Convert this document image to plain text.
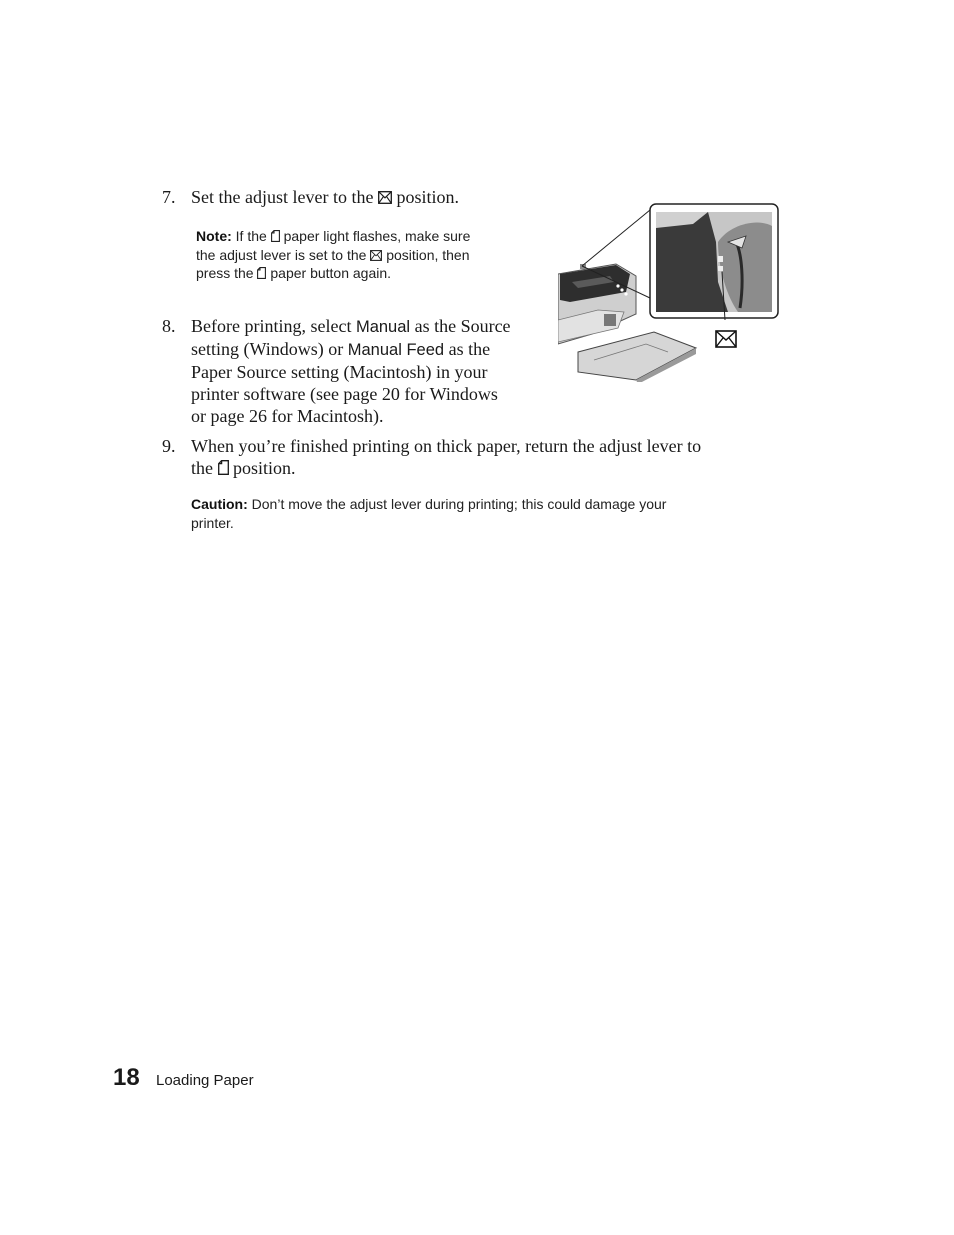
7. Set the adjust lever to the position.
Note: If the paper light flashes, make sure
the adjust lever is set to the position, then
press the paper button again.
8. Before printing, select Manual as the Source
setting (Windows) or Manual Feed as the
Paper Source setting (Macintosh) in your
printer software (see page 20 for Windows
or page 26 for Macintosh).
9. When you’re finished printing on thick paper, return the adjust lever to
the position.
Caution: Don’t move the adjust lever during printing; this could damage your
printer.
18 Loading Paper
